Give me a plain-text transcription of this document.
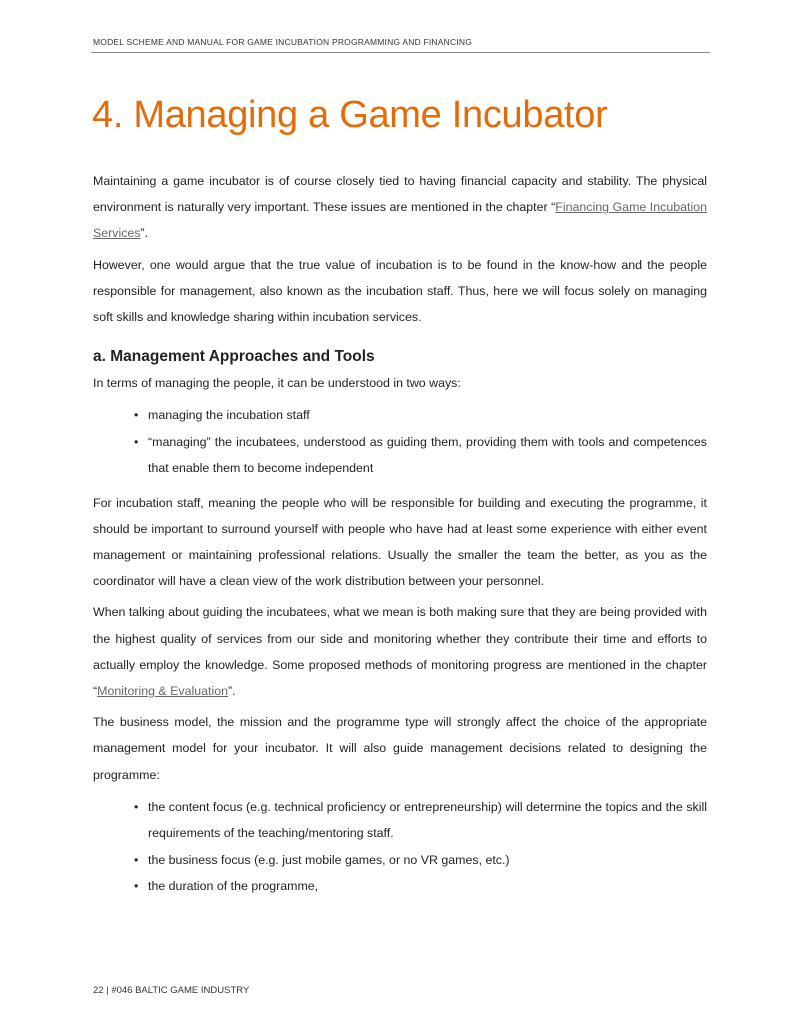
MODEL SCHEME AND MANUAL FOR GAME INCUBATION PROGRAMMING AND FINANCING
4. Managing a Game Incubator

Maintaining a game incubator is of course closely tied to having financial capacity and stability. The physical environment is naturally very important. These issues are mentioned in the chapter “Financing Game Incubation Services”.

However, one would argue that the true value of incubation is to be found in the know-how and the people responsible for management, also known as the incubation staff. Thus, here we will focus solely on managing soft skills and knowledge sharing within incubation services.

a. Management Approaches and Tools

In terms of managing the people, it can be understood in two ways:

• managing the incubation staff
• “managing” the incubatees, understood as guiding them, providing them with tools and competences that enable them to become independent

For incubation staff, meaning the people who will be responsible for building and executing the programme, it should be important to surround yourself with people who have had at least some experience with either event management or maintaining professional relations. Usually the smaller the team the better, as you as the coordinator will have a clean view of the work distribution between your personnel.

When talking about guiding the incubatees, what we mean is both making sure that they are being provided with the highest quality of services from our side and monitoring whether they contribute their time and efforts to actually employ the knowledge. Some proposed methods of monitoring progress are mentioned in the chapter “Monitoring & Evaluation”.

The business model, the mission and the programme type will strongly affect the choice of the appropriate management model for your incubator. It will also guide management decisions related to designing the programme:

• the content focus (e.g. technical proficiency or entrepreneurship) will determine the topics and the skill requirements of the teaching/mentoring staff.
• the business focus (e.g. just mobile games, or no VR games, etc.)
• the duration of the programme,
22 | #046 BALTIC GAME INDUSTRY
